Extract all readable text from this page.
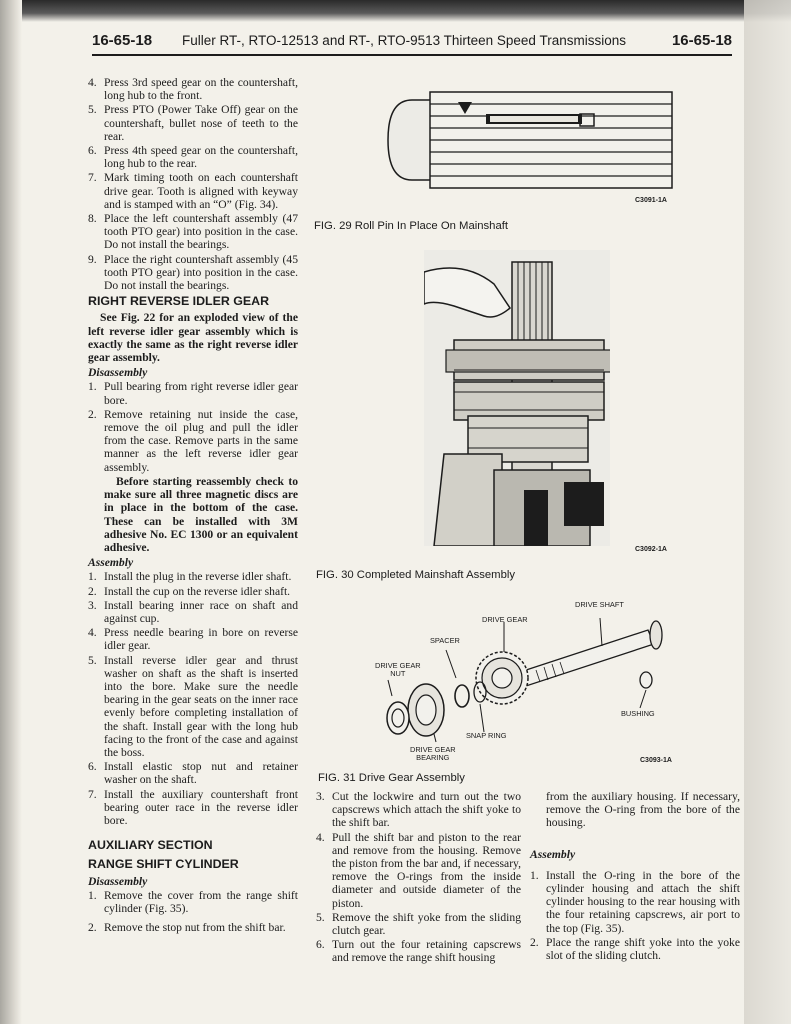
16-65-18 Fuller RT-, RTO-12513 and RT-, RTO-9513 Thirteen Speed Transmissions	16-65-18
4. Press 3rd speed gear on the countershaft, long hub to the front.
5. Press PTO (Power Take Off) gear on the countershaft, bullet nose of teeth to the rear.
6. Press 4th speed gear on the countershaft, long hub to the rear.
7. Mark timing tooth on each countershaft drive gear. Tooth is aligned with keyway and is stamped with an “O” (Fig. 34).
8. Place the left countershaft assembly (47 tooth PTO gear) into position in the case. Do not install the bearings.
9. Place the right countershaft assembly (45 tooth PTO gear) into position in the case. Do not install the bearings.
RIGHT REVERSE IDLER GEAR
See Fig. 22 for an exploded view of the left reverse idler gear assembly which is exactly the same as the right reverse idler gear assembly.
Disassembly
1. Pull bearing from right reverse idler gear bore.
2. Remove retaining nut inside the case, remove the oil plug and pull the idler from the case. Remove parts in the same manner as the left reverse idler gear assembly.
Before starting reassembly check to make sure all three magnetic discs are in place in the bottom of the case. These can be installed with 3M adhesive No. EC 1300 or an equivalent adhesive.
Assembly
1. Install the plug in the reverse idler shaft.
2. Install the cup on the reverse idler shaft.
3. Install bearing inner race on shaft and against cup.
4. Press needle bearing in bore on reverse idler gear.
5. Install reverse idler gear and thrust washer on shaft as the shaft is inserted into the bore. Make sure the needle bearing in the gear seats on the inner race evenly before completing installation of the shaft. Install gear with the long hub facing to the front of the case and against the boss.
6. Install elastic stop nut and retainer washer on the shaft.
7. Install the auxiliary countershaft front bearing outer race in the reverse idler bore.
AUXILIARY SECTION
RANGE SHIFT CYLINDER
Disassembly
1. Remove the cover from the range shift cylinder (Fig. 35).
2. Remove the stop nut from the shift bar.
C3091-1A
FIG. 29 Roll Pin In Place On Mainshaft
C3092-1A
FIG. 30 Completed Mainshaft Assembly
DRIVE SHAFT
DRIVE GEAR
SPACER
DRIVE GEAR
NUT
BUSHING
SNAP RING
DRIVE GEAR
BEARING	C3093-1A
FIG. 31 Drive Gear Assembly
3. Cut the lockwire and turn out the two capscrews which attach the shift yoke to the shift bar.
4. Pull the shift bar and piston to the rear and remove from the housing. Remove the piston from the bar and, if necessary, remove the O-rings from the inside diameter and outside diameter of the piston.
5. Remove the shift yoke from the sliding clutch gear.
6. Turn out the four retaining capscrews and remove the range shift housing
from the auxiliary housing. If necessary, remove the O-ring from the bore of the housing.
Assembly
1. Install the O-ring in the bore of the cylinder housing and attach the shift cylinder housing to the rear housing with the four retaining capscrews, air port to the top (Fig. 35).
2. Place the range shift yoke into the yoke slot of the sliding clutch.
